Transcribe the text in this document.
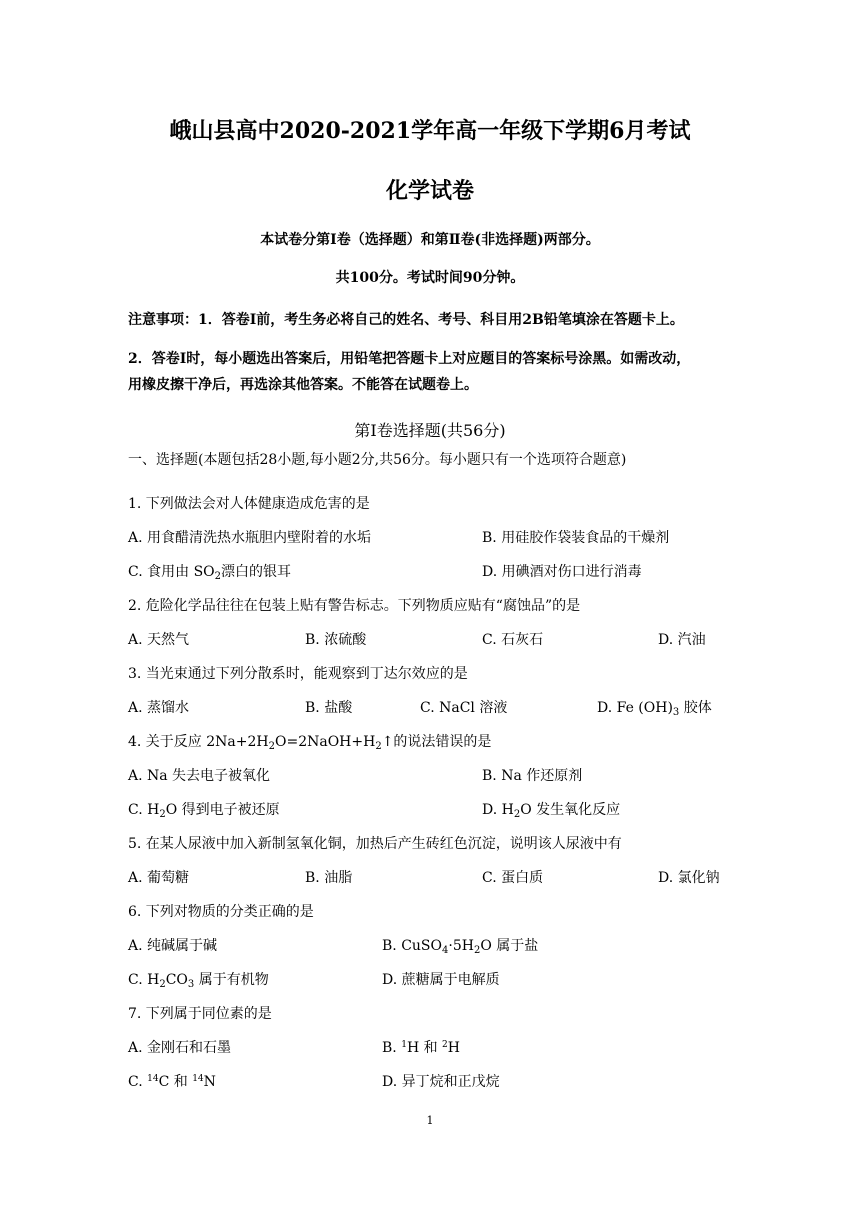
峨山县高中2020-2021学年高一年级下学期6月考试
化学试卷
本试卷分第Ⅰ卷（选择题）和第Ⅱ卷(非选择题)两部分。
共100分。考试时间90分钟。
注意事项：1．答卷Ⅰ前，考生务必将自己的姓名、考号、科目用2B铅笔填涂在答题卡上。
2．答卷Ⅰ时，每小题选出答案后，用铅笔把答题卡上对应题目的答案标号涂黑。如需改动，
用橡皮擦干净后，再选涂其他答案。不能答在试题卷上。
第Ⅰ卷选择题(共56分)
一、选择题(本题包括28小题,每小题2分,共56分。每小题只有一个选项符合题意)
1. 下列做法会对人体健康造成危害的是
A. 用食醋清洗热水瓶胆内壁附着的水垢	B. 用硅胶作袋装食品的干燥剂
C. 食用由 $SO_2$漂白的银耳	D. 用碘酒对伤口进行消毒
2. 危险化学品往往在包装上贴有警告标志。下列物质应贴有“腐蚀品”的是
A. 天然气	B. 浓硫酸	C. 石灰石	D. 汽油
3. 当光束通过下列分散系时，能观察到丁达尔效应的是
A. 蒸馏水	B. 盐酸	C. NaCl 溶液	D. Fe $(OH)_3$ 胶体
4. 关于反应 $2Na+2H_2O=2NaOH+H_2↑$的说法错误的是
A. Na 失去电子被氧化	B. Na 作还原剂
C. $H_2O$ 得到电子被还原	D. $H_2O$ 发生氧化反应
5. 在某人尿液中加入新制氢氧化铜，加热后产生砖红色沉淀，说明该人尿液中有
A. 葡萄糖	B. 油脂	C. 蛋白质	D. 氯化钠
6. 下列对物质的分类正确的是
A. 纯碱属于碱	B. $CuSO_4\cdot 5H_2O$ 属于盐
C. $H_2CO_3$ 属于有机物	D. 蔗糖属于电解质
7. 下列属于同位素的是
A. 金刚石和石墨	B. $^1$H 和 $^2$H
C. $^{14}$C 和 $^{14}$N	D. 异丁烷和正戊烷
1
